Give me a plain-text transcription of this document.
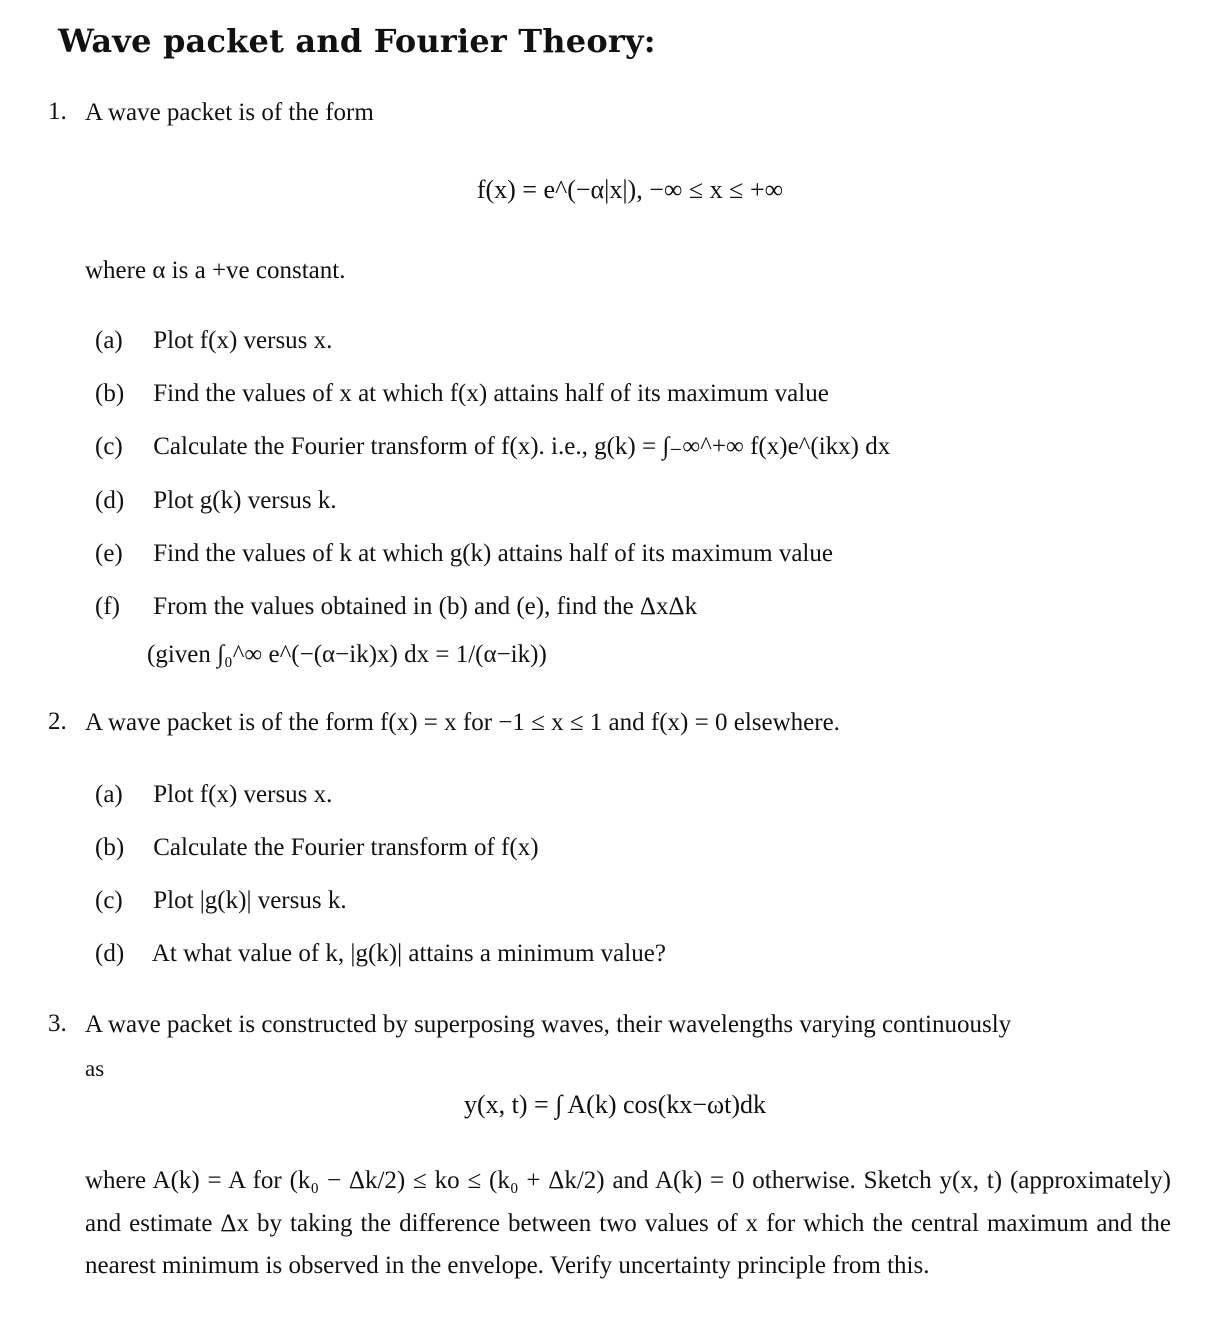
Wave packet and Fourier Theory:
1. A wave packet is of the form
f(x) = e^(−α|x|), −∞ ≤ x ≤ +∞
where α is a +ve constant.
(a) Plot f(x) versus x.
(b) Find the values of x at which f(x) attains half of its maximum value
(c) Calculate the Fourier transform of f(x). i.e., g(k) = ∫₋∞^+∞ f(x)e^(ikx) dx
(d) Plot g(k) versus k.
(e) Find the values of k at which g(k) attains half of its maximum value
(f) From the values obtained in (b) and (e), find the ΔxΔk
(given ∫₀^∞ e^(−(α−ik)x) dx = 1/(α−ik))
2. A wave packet is of the form f(x) = x for −1 ≤ x ≤ 1 and f(x) = 0 elsewhere.
(a) Plot f(x) versus x.
(b) Calculate the Fourier transform of f(x)
(c) Plot |g(k)| versus k.
(d) At what value of k, |g(k)| attains a minimum value?
3. A wave packet is constructed by superposing waves, their wavelengths varying continuously
as
y(x, t) = ∫ A(k) cos(kx−ωt)dk

where A(k) = A for (k₀ − Δk/2) ≤ ko ≤ (k₀ + Δk/2) and A(k) = 0 otherwise. Sketch y(x, t) (approximately) and estimate Δx by taking the difference between two values of x for which the central maximum and the nearest minimum is observed in the envelope. Verify uncertainty principle from this.
